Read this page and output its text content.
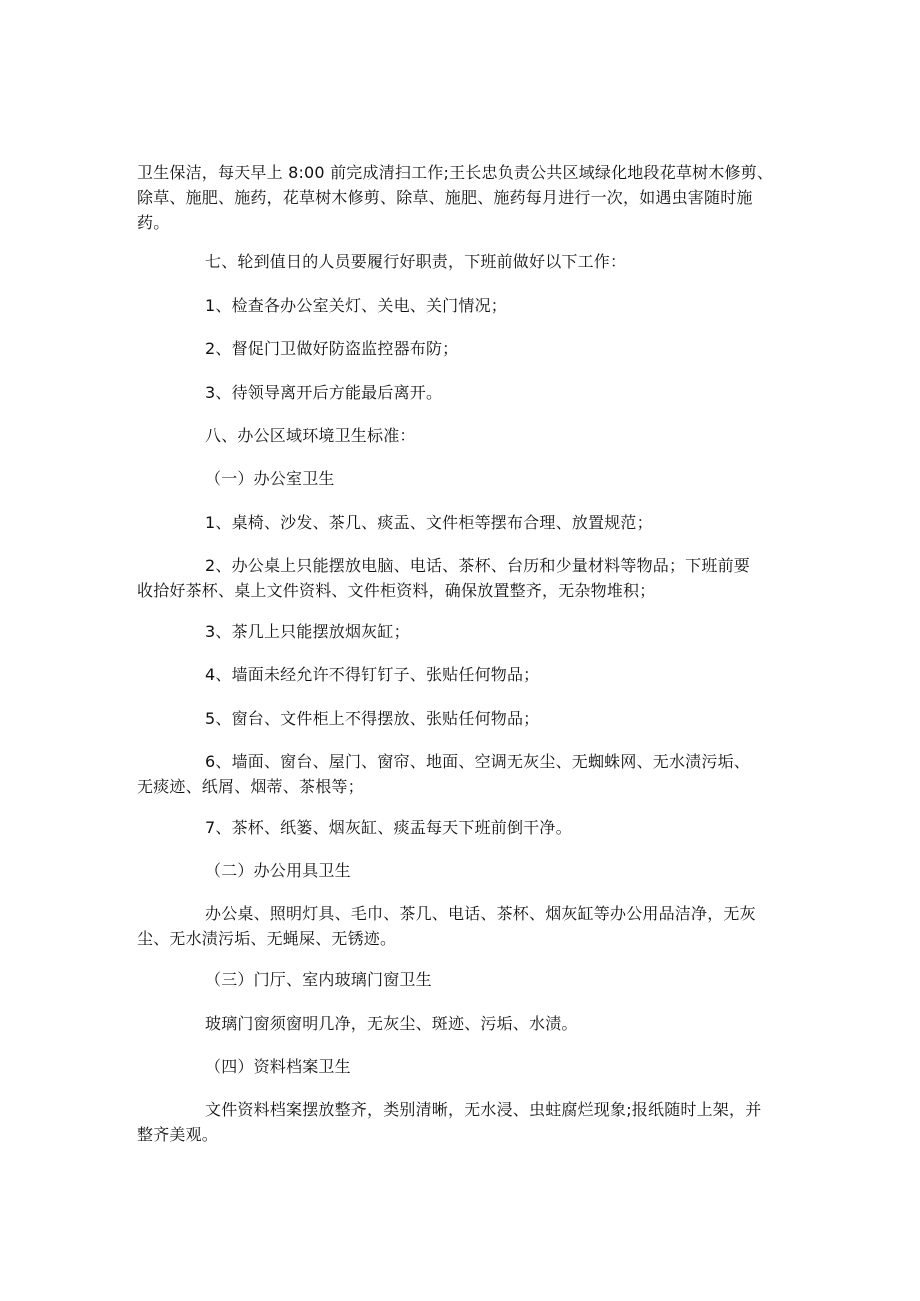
卫生保洁，每天早上 8:00 前完成清扫工作;王长忠负责公共区域绿化地段花草树木修剪、
除草、施肥、施药，花草树木修剪、除草、施肥、施药每月进行一次，如遇虫害随时施
药。
七、轮到值日的人员要履行好职责，下班前做好以下工作：
1、检查各办公室关灯、关电、关门情况；
2、督促门卫做好防盗监控器布防；
3、待领导离开后方能最后离开。
八、办公区域环境卫生标准：
（一）办公室卫生
1、桌椅、沙发、茶几、痰盂、文件柜等摆布合理、放置规范；
2、办公桌上只能摆放电脑、电话、茶杯、台历和少量材料等物品；下班前要
收拾好茶杯、桌上文件资料、文件柜资料，确保放置整齐，无杂物堆积；
3、茶几上只能摆放烟灰缸；
4、墙面未经允许不得钉钉子、张贴任何物品；
5、窗台、文件柜上不得摆放、张贴任何物品；
6、墙面、窗台、屋门、窗帘、地面、空调无灰尘、无蜘蛛网、无水渍污垢、
无痰迹、纸屑、烟蒂、茶根等；
7、茶杯、纸篓、烟灰缸、痰盂每天下班前倒干净。
（二）办公用具卫生
办公桌、照明灯具、毛巾、茶几、电话、茶杯、烟灰缸等办公用品洁净，无灰
尘、无水渍污垢、无蝇屎、无锈迹。
（三）门厅、室内玻璃门窗卫生
玻璃门窗须窗明几净，无灰尘、斑迹、污垢、水渍。
（四）资料档案卫生
文件资料档案摆放整齐，类别清晰，无水浸、虫蛀腐烂现象;报纸随时上架，并
整齐美观。
